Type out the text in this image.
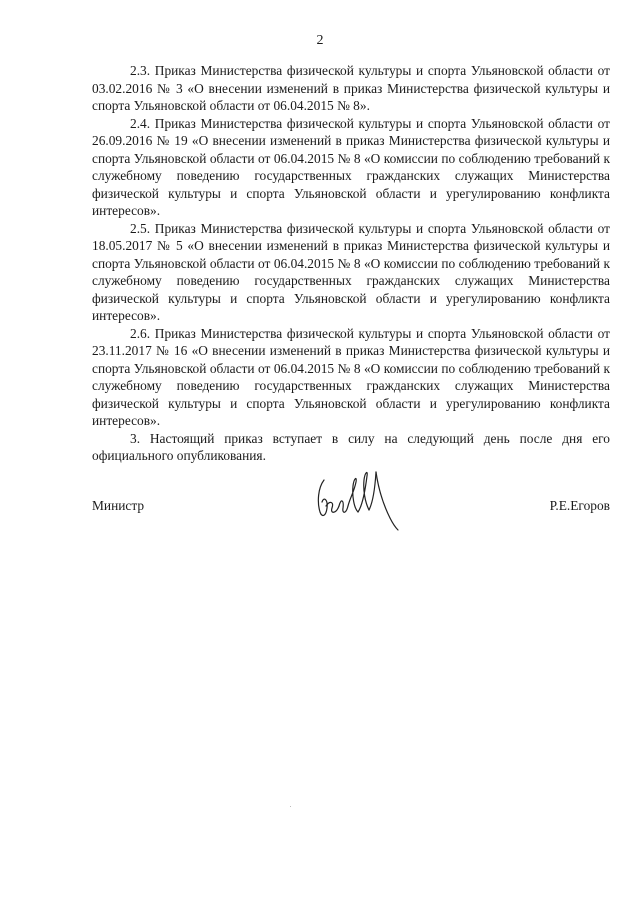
2

2.3. Приказ Министерства физической культуры и спорта Ульяновской области от 03.02.2016 № 3 «О внесении изменений в приказ Министерства физической культуры и спорта Ульяновской области от 06.04.2015 № 8».

2.4. Приказ Министерства физической культуры и спорта Ульяновской области от 26.09.2016 № 19 «О внесении изменений в приказ Министерства физической культуры и спорта Ульяновской области от 06.04.2015 № 8 «О комиссии по соблюдению требований к служебному поведению государственных гражданских служащих Министерства физической культуры и спорта Ульяновской области и урегулированию конфликта интересов».

2.5. Приказ Министерства физической культуры и спорта Ульяновской области от 18.05.2017 № 5 «О внесении изменений в приказ Министерства физической культуры и спорта Ульяновской области от 06.04.2015 № 8 «О комиссии по соблюдению требований к служебному поведению государственных гражданских служащих Министерства физической культуры и спорта Ульяновской области и урегулированию конфликта интересов».

2.6. Приказ Министерства физической культуры и спорта Ульяновской области от 23.11.2017 № 16 «О внесении изменений в приказ Министерства физической культуры и спорта Ульяновской области от 06.04.2015 № 8 «О комиссии по соблюдению требований к служебному поведению государственных гражданских служащих Министерства физической культуры и спорта Ульяновской области и урегулированию конфликта интересов».

3. Настоящий приказ вступает в силу на следующий день после дня его официального опубликования.

Министр	Р.Е.Егоров
